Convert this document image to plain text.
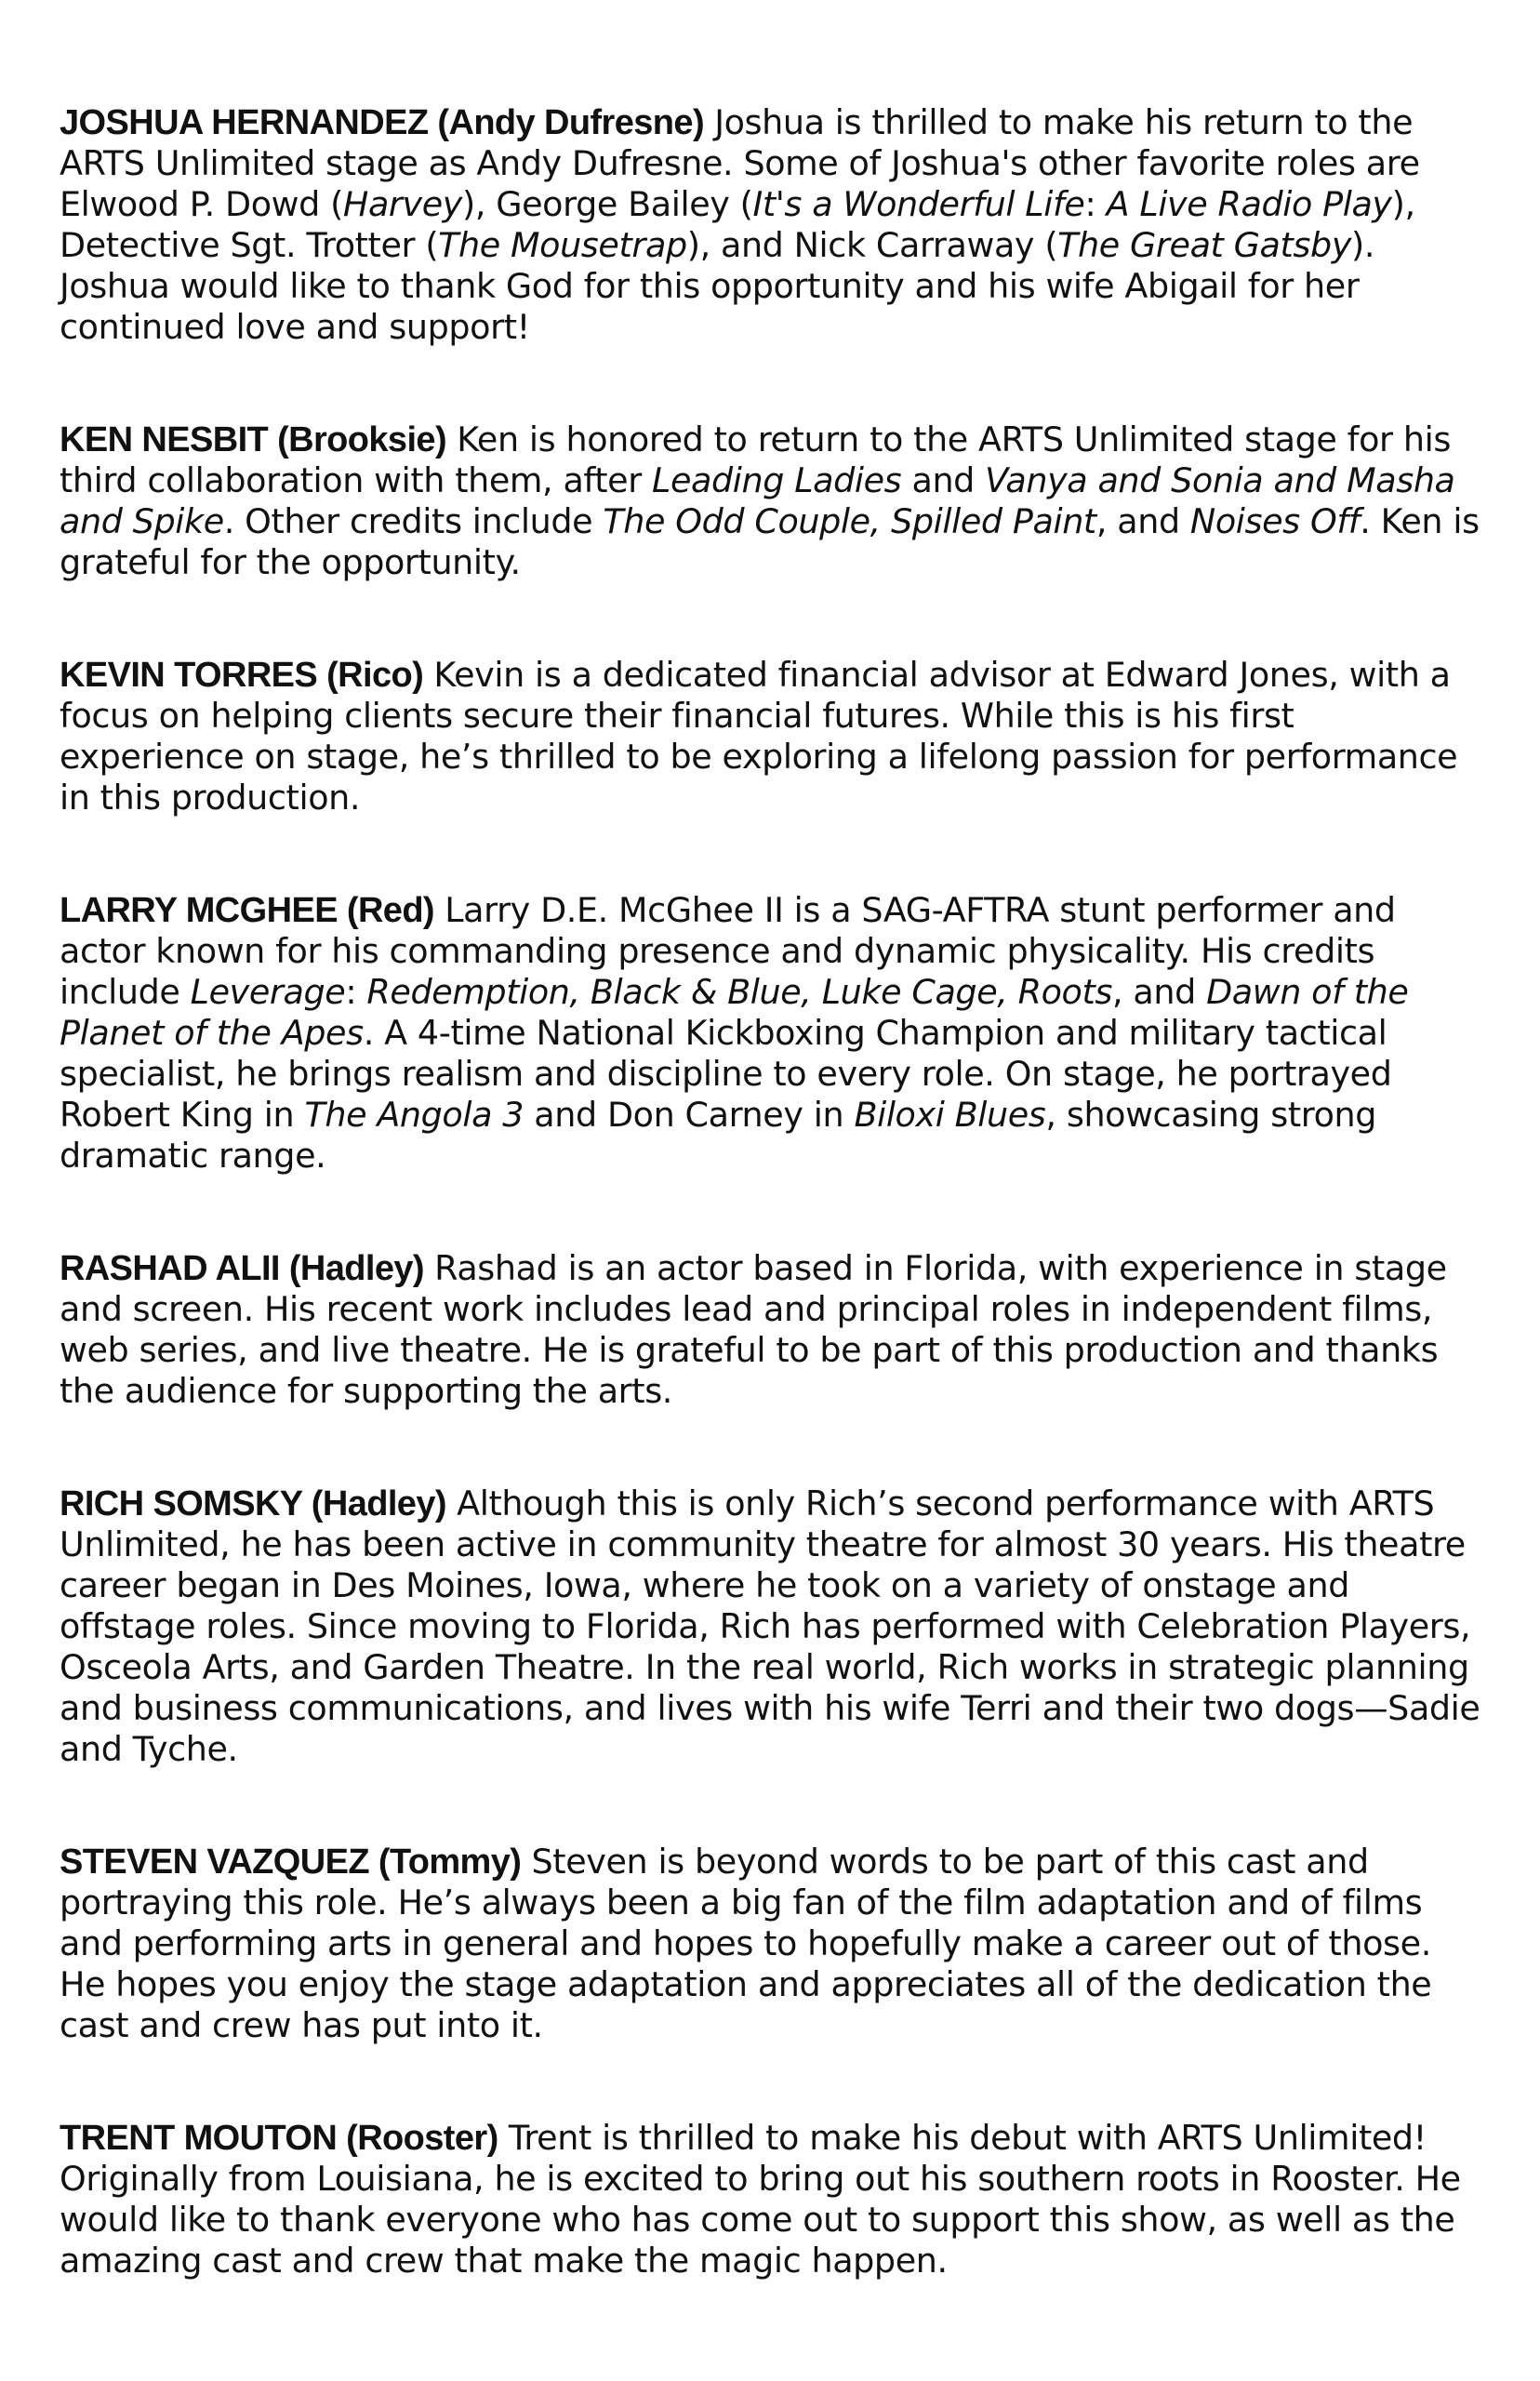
JOSHUA HERNANDEZ (Andy Dufresne) Joshua is thrilled to make his return to the ARTS Unlimited stage as Andy Dufresne. Some of Joshua's other favorite roles are Elwood P. Dowd (Harvey), George Bailey (It's a Wonderful Life: A Live Radio Play), Detective Sgt. Trotter (The Mousetrap), and Nick Carraway (The Great Gatsby). Joshua would like to thank God for this opportunity and his wife Abigail for her continued love and support!

KEN NESBIT (Brooksie) Ken is honored to return to the ARTS Unlimited stage for his third collaboration with them, after Leading Ladies and Vanya and Sonia and Masha and Spike. Other credits include The Odd Couple, Spilled Paint, and Noises Off. Ken is grateful for the opportunity.

KEVIN TORRES (Rico) Kevin is a dedicated financial advisor at Edward Jones, with a focus on helping clients secure their financial futures. While this is his first experience on stage, he’s thrilled to be exploring a lifelong passion for performance in this production.

LARRY MCGHEE (Red) Larry D.E. McGhee II is a SAG-AFTRA stunt performer and actor known for his commanding presence and dynamic physicality. His credits include Leverage: Redemption, Black & Blue, Luke Cage, Roots, and Dawn of the Planet of the Apes. A 4-time National Kickboxing Champion and military tactical specialist, he brings realism and discipline to every role. On stage, he portrayed Robert King in The Angola 3 and Don Carney in Biloxi Blues, showcasing strong dramatic range.

RASHAD ALII (Hadley) Rashad is an actor based in Florida, with experience in stage and screen. His recent work includes lead and principal roles in independent films, web series, and live theatre. He is grateful to be part of this production and thanks the audience for supporting the arts.

RICH SOMSKY (Hadley) Although this is only Rich’s second performance with ARTS Unlimited, he has been active in community theatre for almost 30 years. His theatre career began in Des Moines, Iowa, where he took on a variety of onstage and offstage roles. Since moving to Florida, Rich has performed with Celebration Players, Osceola Arts, and Garden Theatre. In the real world, Rich works in strategic planning and business communications, and lives with his wife Terri and their two dogs—Sadie and Tyche.

STEVEN VAZQUEZ (Tommy) Steven is beyond words to be part of this cast and portraying this role. He’s always been a big fan of the film adaptation and of films and performing arts in general and hopes to hopefully make a career out of those. He hopes you enjoy the stage adaptation and appreciates all of the dedication the cast and crew has put into it.

TRENT MOUTON (Rooster) Trent is thrilled to make his debut with ARTS Unlimited! Originally from Louisiana, he is excited to bring out his southern roots in Rooster. He would like to thank everyone who has come out to support this show, as well as the amazing cast and crew that make the magic happen.
